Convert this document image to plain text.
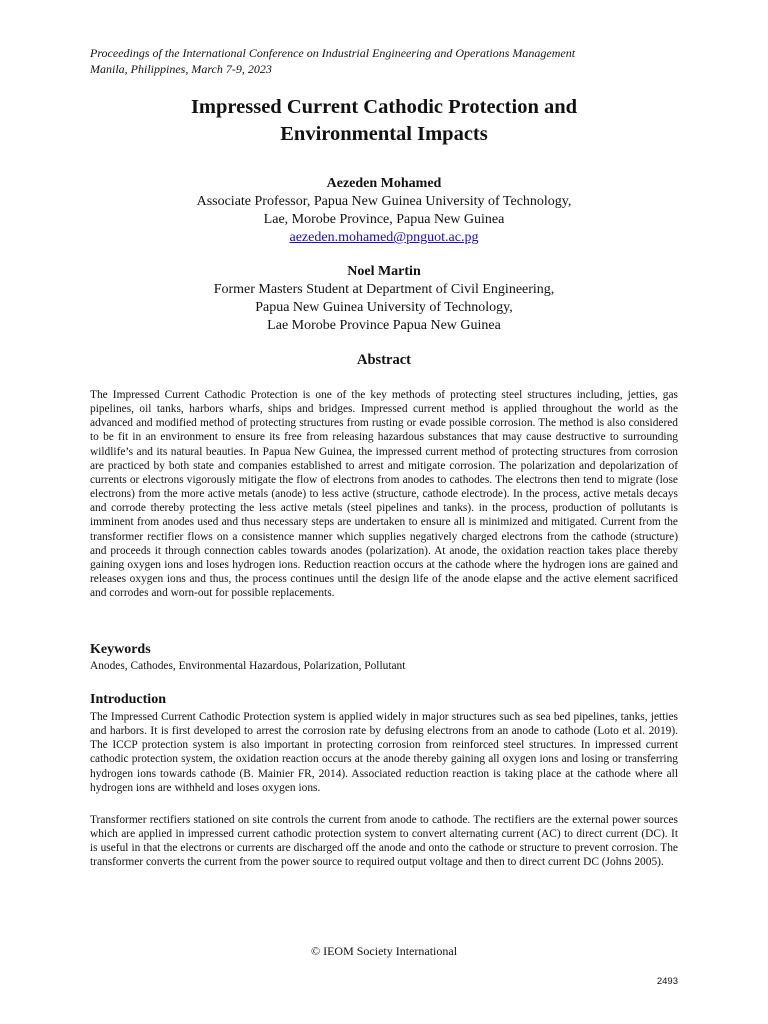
Proceedings of the International Conference on Industrial Engineering and Operations Management
Manila, Philippines, March 7-9, 2023
Impressed Current Cathodic Protection and
Environmental Impacts
Aezeden Mohamed
Associate Professor, Papua New Guinea University of Technology,
Lae, Morobe Province, Papua New Guinea
aezeden.mohamed@pnguot.ac.pg
Noel Martin
Former Masters Student at Department of Civil Engineering,
Papua New Guinea University of Technology,
Lae Morobe Province Papua New Guinea
Abstract

The Impressed Current Cathodic Protection is one of the key methods of protecting steel structures including, jetties, gas pipelines, oil tanks, harbors wharfs, ships and bridges. Impressed current method is applied throughout the world as the advanced and modified method of protecting structures from rusting or evade possible corrosion. The method is also considered to be fit in an environment to ensure its free from releasing hazardous substances that may cause destructive to surrounding wildlife’s and its natural beauties. In Papua New Guinea, the impressed current method of protecting structures from corrosion are practiced by both state and companies established to arrest and mitigate corrosion. The polarization and depolarization of currents or electrons vigorously mitigate the flow of electrons from anodes to cathodes. The electrons then tend to migrate (lose electrons) from the more active metals (anode) to less active (structure, cathode electrode). In the process, active metals decays and corrode thereby protecting the less active metals (steel pipelines and tanks). in the process, production of pollutants is imminent from anodes used and thus necessary steps are undertaken to ensure all is minimized and mitigated. Current from the transformer rectifier flows on a consistence manner which supplies negatively charged electrons from the cathode (structure) and proceeds it through connection cables towards anodes (polarization). At anode, the oxidation reaction takes place thereby gaining oxygen ions and loses hydrogen ions. Reduction reaction occurs at the cathode where the hydrogen ions are gained and releases oxygen ions and thus, the process continues until the design life of the anode elapse and the active element sacrificed and corrodes and worn-out for possible replacements.

Keywords
Anodes, Cathodes, Environmental Hazardous, Polarization, Pollutant
Introduction

The Impressed Current Cathodic Protection system is applied widely in major structures such as sea bed pipelines, tanks, jetties and harbors. It is first developed to arrest the corrosion rate by defusing electrons from an anode to cathode (Loto et al. 2019). The ICCP protection system is also important in protecting corrosion from reinforced steel structures. In impressed current cathodic protection system, the oxidation reaction occurs at the anode thereby gaining all oxygen ions and losing or transferring hydrogen ions towards cathode (B. Mainier FR, 2014). Associated reduction reaction is taking place at the cathode where all hydrogen ions are withheld and loses oxygen ions.

Transformer rectifiers stationed on site controls the current from anode to cathode. The rectifiers are the external power sources which are applied in impressed current cathodic protection system to convert alternating current (AC) to direct current (DC). It is useful in that the electrons or currents are discharged off the anode and onto the cathode or structure to prevent corrosion. The transformer converts the current from the power source to required output voltage and then to direct current DC (Johns 2005).

© IEOM Society International
2493
